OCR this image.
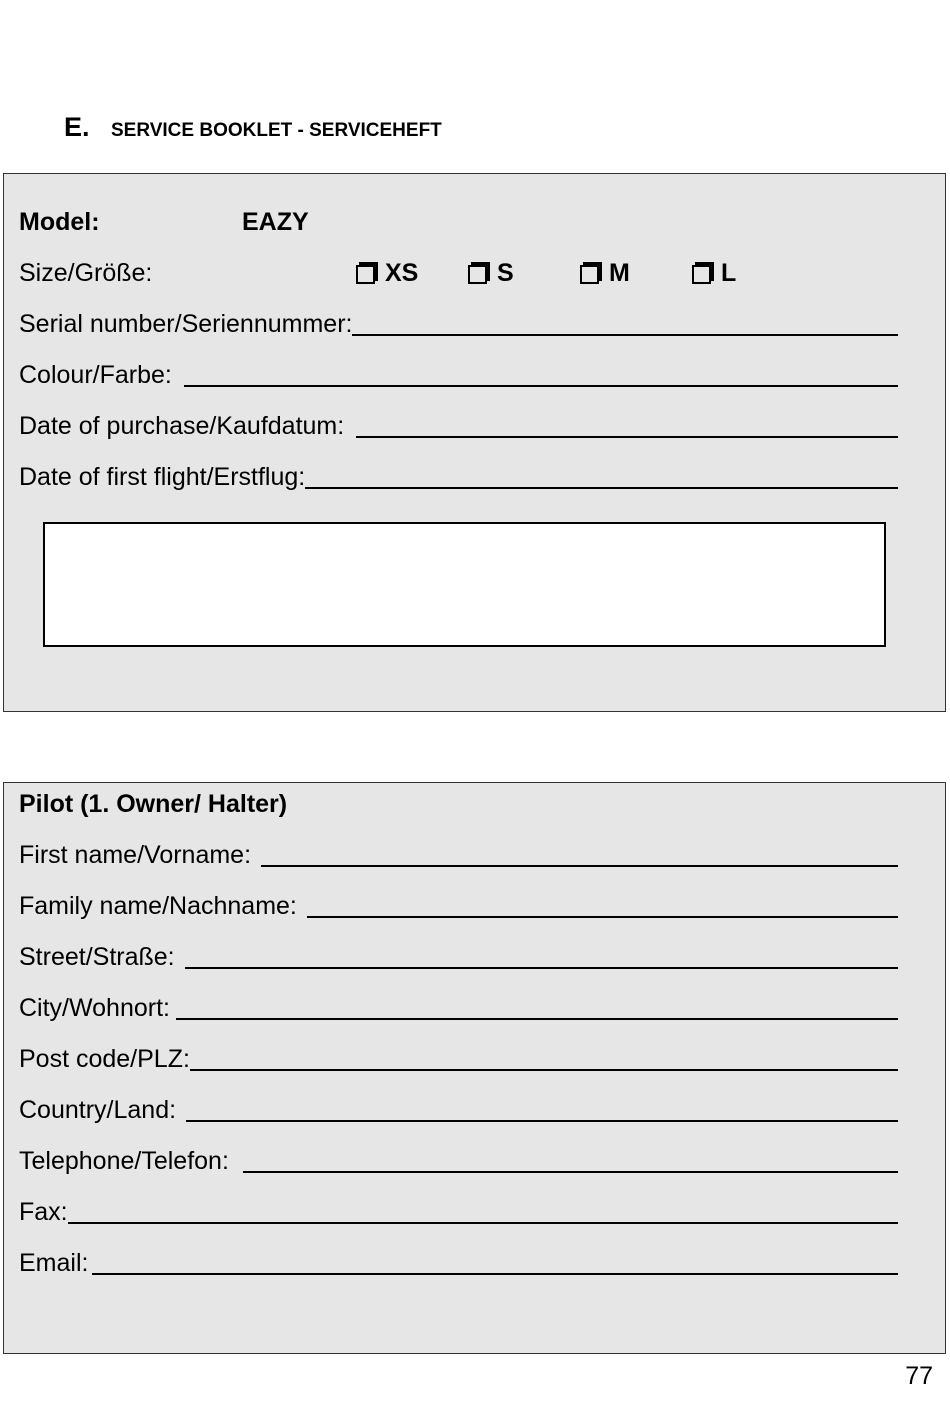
E.	SERVICE BOOKLET - SERVICEHEFT
Model:	EAZY
Size/Größe:	XS	S	M	L
Serial number/Seriennummer:
Colour/Farbe:
Date of purchase/Kaufdatum:
Date of first flight/Erstflug:
Pilot (1. Owner/ Halter)
First name/Vorname:
Family name/Nachname:
Street/Straße:
City/Wohnort:
Post code/PLZ:
Country/Land:
Telephone/Telefon:
Fax:
Email:
77
